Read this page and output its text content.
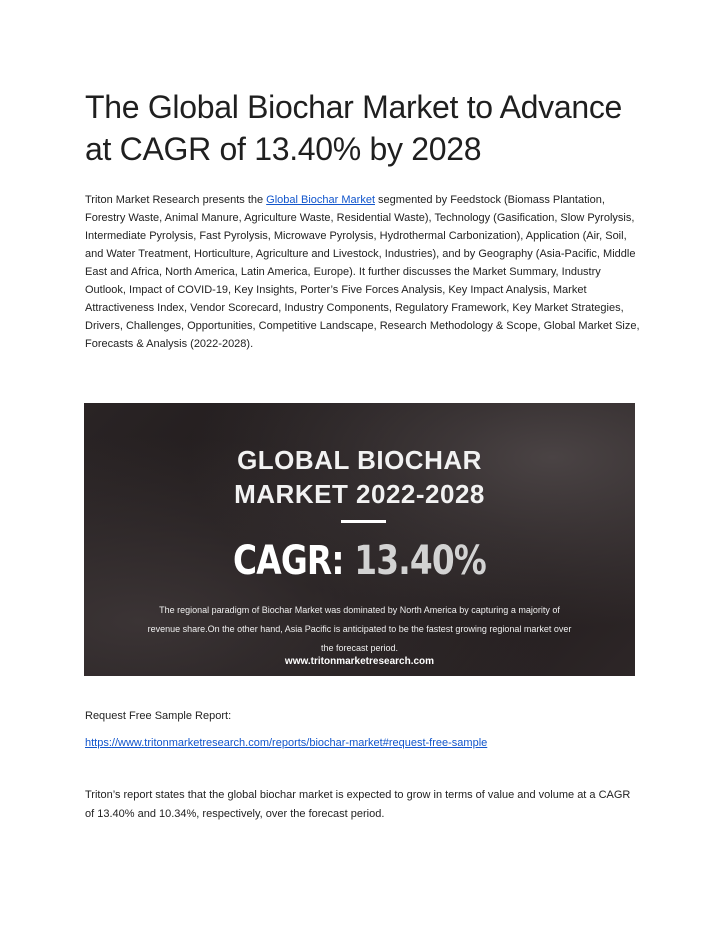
The Global Biochar Market to Advance at CAGR of 13.40% by 2028

Triton Market Research presents the Global Biochar Market segmented by Feedstock (Biomass Plantation, Forestry Waste, Animal Manure, Agriculture Waste, Residential Waste), Technology (Gasification, Slow Pyrolysis, Intermediate Pyrolysis, Fast Pyrolysis, Microwave Pyrolysis, Hydrothermal Carbonization), Application (Air, Soil, and Water Treatment, Horticulture, Agriculture and Livestock, Industries), and by Geography (Asia-Pacific, Middle East and Africa, North America, Latin America, Europe). It further discusses the Market Summary, Industry Outlook, Impact of COVID-19, Key Insights, Porter’s Five Forces Analysis, Key Impact Analysis, Market Attractiveness Index, Vendor Scorecard, Industry Components, Regulatory Framework, Key Market Strategies, Drivers, Challenges, Opportunities, Competitive Landscape, Research Methodology & Scope, Global Market Size, Forecasts & Analysis (2022-2028).

GLOBAL BIOCHAR
MARKET 2022-2028
CAGR: 13.40%

The regional paradigm of Biochar Market was dominated by North America by capturing a majority of revenue share.On the other hand, Asia Pacific is anticipated to be the fastest growing regional market over the forecast period.

www.tritonmarketresearch.com

Request Free Sample Report:

https://www.tritonmarketresearch.com/reports/biochar-market#request-free-sample

Triton’s report states that the global biochar market is expected to grow in terms of value and volume at a CAGR of 13.40% and 10.34%, respectively, over the forecast period.
